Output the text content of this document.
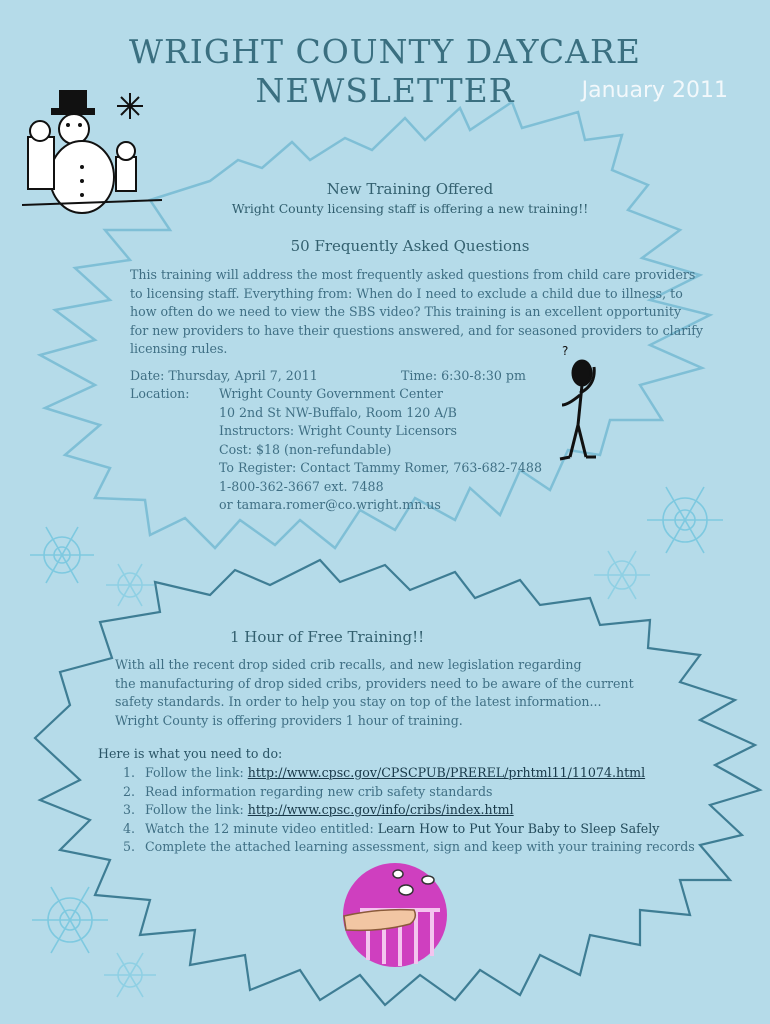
WRIGHT COUNTY DAYCARE NEWSLETTER	January 2011
?
New Training Offered
Wright County licensing staff is offering a new training!!
50 Frequently Asked Questions
This training will address the most frequently asked questions from child care providers
to licensing staff. Everything from: When do I need to exclude a child due to illness, to
how often do we need to view the SBS video? This training is an excellent opportunity
for new providers to have their questions answered, and for seasoned providers to clarify
licensing rules.
Date: Thursday, April 7, 2011	Time: 6:30-8:30 pm
Location: Wright County Government Center
10 2nd St NW-Buffalo, Room 120 A/B
Instructors: Wright County Licensors
Cost: $18 (non-refundable)
To Register: Contact Tammy Romer, 763-682-7488
1-800-362-3667 ext. 7488
or tamara.romer@co.wright.mn.us
1 Hour of Free Training!!
With all the recent drop sided crib recalls, and new legislation regarding
the manufacturing of drop sided cribs, providers need to be aware of the current
safety standards. In order to help you stay on top of the latest information...
Wright County is offering providers 1 hour of training.
Here is what you need to do:
1. Follow the link: http://www.cpsc.gov/CPSCPUB/PREREL/prhtml11/11074.html
2. Read information regarding new crib safety standards
3. Follow the link: http://www.cpsc.gov/info/cribs/index.html
4. Watch the 12 minute video entitled: Learn How to Put Your Baby to Sleep Safely
5. Complete the attached learning assessment, sign and keep with your training records
